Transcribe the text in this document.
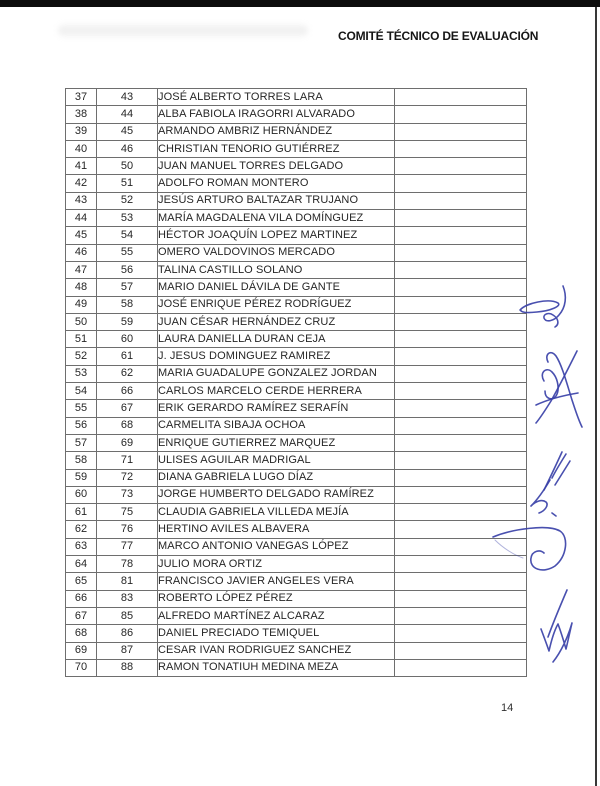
COMITÉ TÉCNICO DE EVALUACIÓN
37	43	JOSÉ ALBERTO TORRES LARA	
38	44	ALBA FABIOLA IRAGORRI ALVARADO	
39	45	ARMANDO AMBRIZ HERNÁNDEZ	
40	46	CHRISTIAN TENORIO GUTIÉRREZ	
41	50	JUAN MANUEL TORRES DELGADO	
42	51	ADOLFO ROMAN MONTERO	
43	52	JESÚS ARTURO BALTAZAR TRUJANO	
44	53	MARÍA MAGDALENA VILA DOMÍNGUEZ	
45	54	HÉCTOR JOAQUÍN LOPEZ MARTINEZ	
46	55	OMERO VALDOVINOS MERCADO	
47	56	TALINA CASTILLO SOLANO	
48	57	MARIO DANIEL DÁVILA DE GANTE	
49	58	JOSÉ ENRIQUE PÉREZ RODRÍGUEZ	
50	59	JUAN CÉSAR HERNÁNDEZ CRUZ	
51	60	LAURA DANIELLA DURAN CEJA	
52	61	J. JESUS DOMINGUEZ RAMIREZ	
53	62	MARIA GUADALUPE GONZALEZ JORDAN	
54	66	CARLOS MARCELO CERDE HERRERA	
55	67	ERIK GERARDO RAMÍREZ SERAFÍN	
56	68	CARMELITA SIBAJA OCHOA	
57	69	ENRIQUE GUTIERREZ MARQUEZ	
58	71	ULISES AGUILAR MADRIGAL	
59	72	DIANA GABRIELA LUGO DÍAZ	
60	73	JORGE HUMBERTO DELGADO RAMÍREZ	
61	75	CLAUDIA GABRIELA VILLEDA MEJÍA	
62	76	HERTINO AVILES ALBAVERA	
63	77	MARCO ANTONIO VANEGAS LÓPEZ	
64	78	JULIO MORA ORTIZ	
65	81	FRANCISCO JAVIER ANGELES VERA	
66	83	ROBERTO LÓPEZ PÉREZ	
67	85	ALFREDO MARTÍNEZ ALCARAZ	
68	86	DANIEL PRECIADO TEMIQUEL	
69	87	CESAR IVAN RODRIGUEZ SANCHEZ	
70	88	RAMON TONATIUH MEDINA MEZA	
14
